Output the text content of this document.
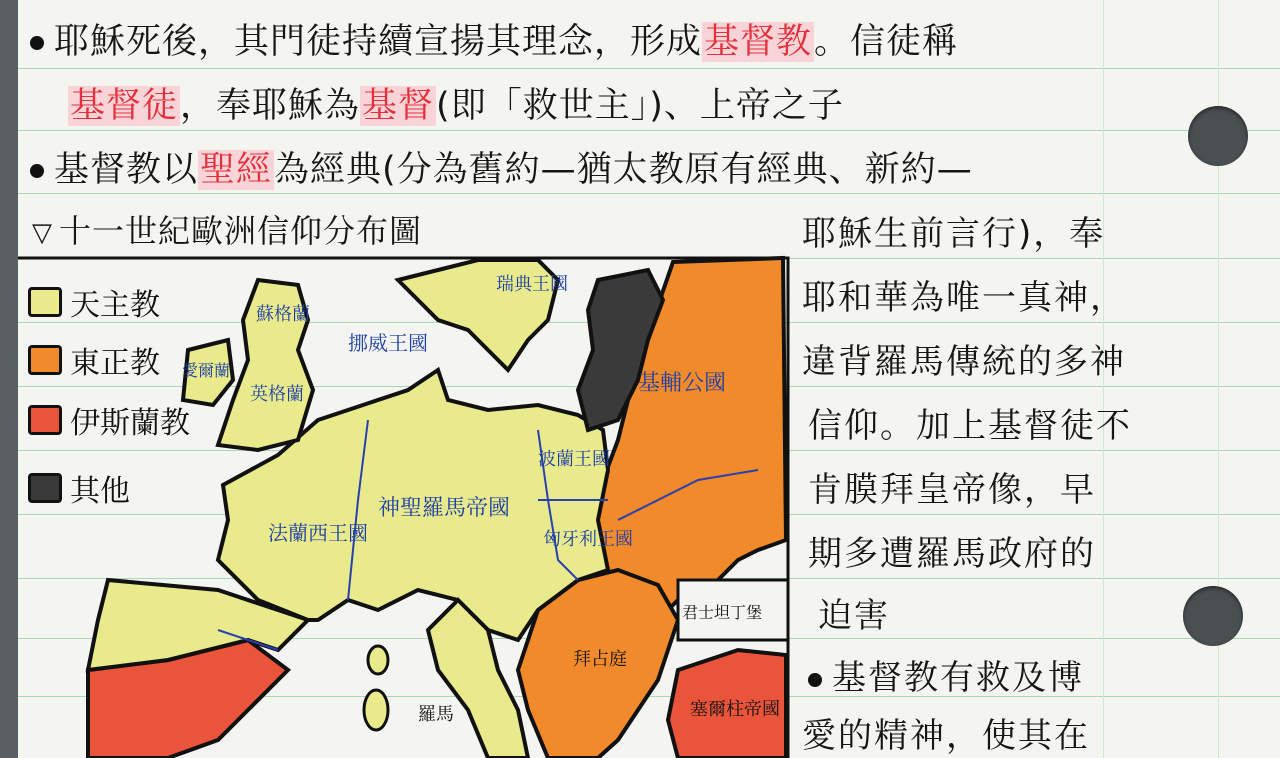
耶穌死後，其門徒持續宣揚其理念，形成基督教。信徒稱
基督徒，奉耶穌為基督(即「救世主」)、上帝之子
基督教以聖經為經典(分為舊約—猶太教原有經典、新約—
▽ 十一世紀歐洲信仰分布圖	耶穌生前言行)，奉
耶和華為唯一真神，
違背羅馬傳統的多神
信仰。加上基督徒不
肯膜拜皇帝像，早
期多遭羅馬政府的
迫害
基督教有救及博
愛的精神，使其在
瑞典王國
挪威王國
英格蘭
蘇格蘭
愛爾蘭
基輔公國
波蘭王國
法蘭西王國
神聖羅馬帝國
匈牙利王國
拜占庭
君士坦丁堡
羅馬	塞爾柱帝國
天主教
東正教
伊斯蘭教
其他
